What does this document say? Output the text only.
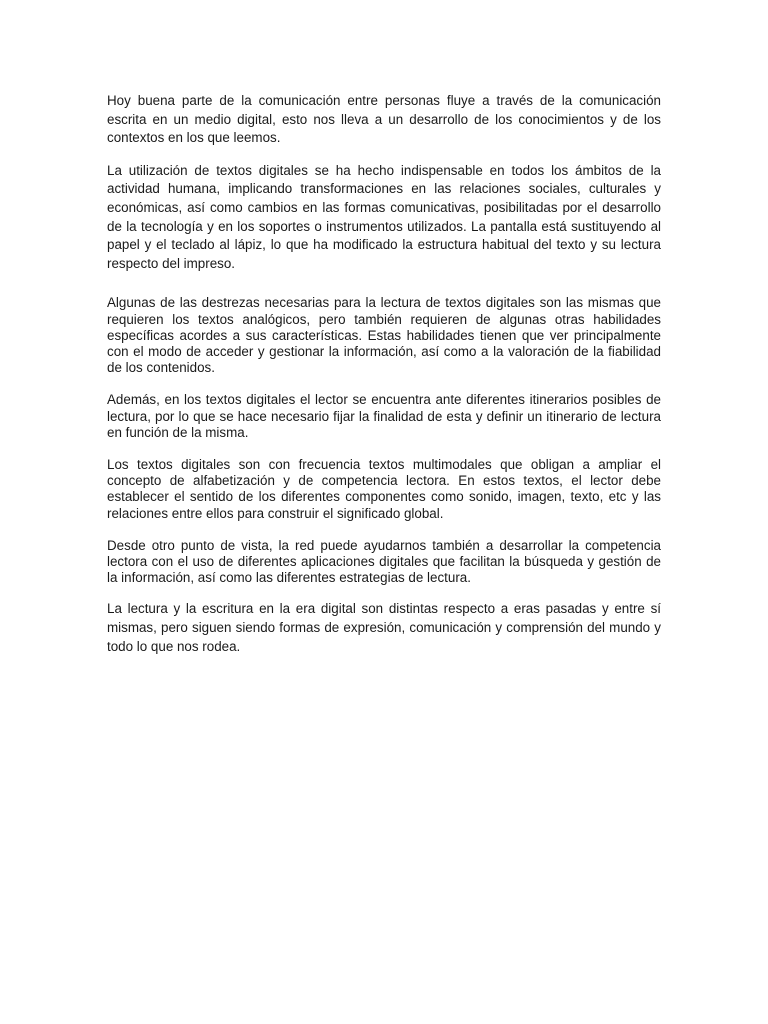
Hoy buena parte de la comunicación entre personas fluye a través de la comunicación escrita en un medio digital, esto nos lleva a un desarrollo de los conocimientos y de los contextos en los que leemos.

La utilización de textos digitales se ha hecho indispensable en todos los ámbitos de la actividad humana, implicando transformaciones en las relaciones sociales, culturales y económicas, así como cambios en las formas comunicativas, posibilitadas por el desarrollo de la tecnología y en los soportes o instrumentos utilizados. La pantalla está sustituyendo al papel y el teclado al lápiz, lo que ha modificado la estructura habitual del texto y su lectura respecto del impreso.

Algunas de las destrezas necesarias para la lectura de textos digitales son las mismas que requieren los textos analógicos, pero también requieren de algunas otras habilidades específicas acordes a sus características. Estas habilidades tienen que ver principalmente con el modo de acceder y gestionar la información, así como a la valoración de la fiabilidad de los contenidos.

Además, en los textos digitales el lector se encuentra ante diferentes itinerarios posibles de lectura, por lo que se hace necesario fijar la finalidad de esta y definir un itinerario de lectura en función de la misma.

Los textos digitales son con frecuencia textos multimodales que obligan a ampliar el concepto de alfabetización y de competencia lectora. En estos textos, el lector debe establecer el sentido de los diferentes componentes como sonido, imagen, texto, etc y las relaciones entre ellos para construir el significado global.

Desde otro punto de vista, la red puede ayudarnos también a desarrollar la competencia lectora con el uso de diferentes aplicaciones digitales que facilitan la búsqueda y gestión de la información, así como las diferentes estrategias de lectura.

La lectura y la escritura en la era digital son distintas respecto a eras pasadas y entre sí mismas, pero siguen siendo formas de expresión, comunicación y comprensión del mundo y todo lo que nos rodea.
